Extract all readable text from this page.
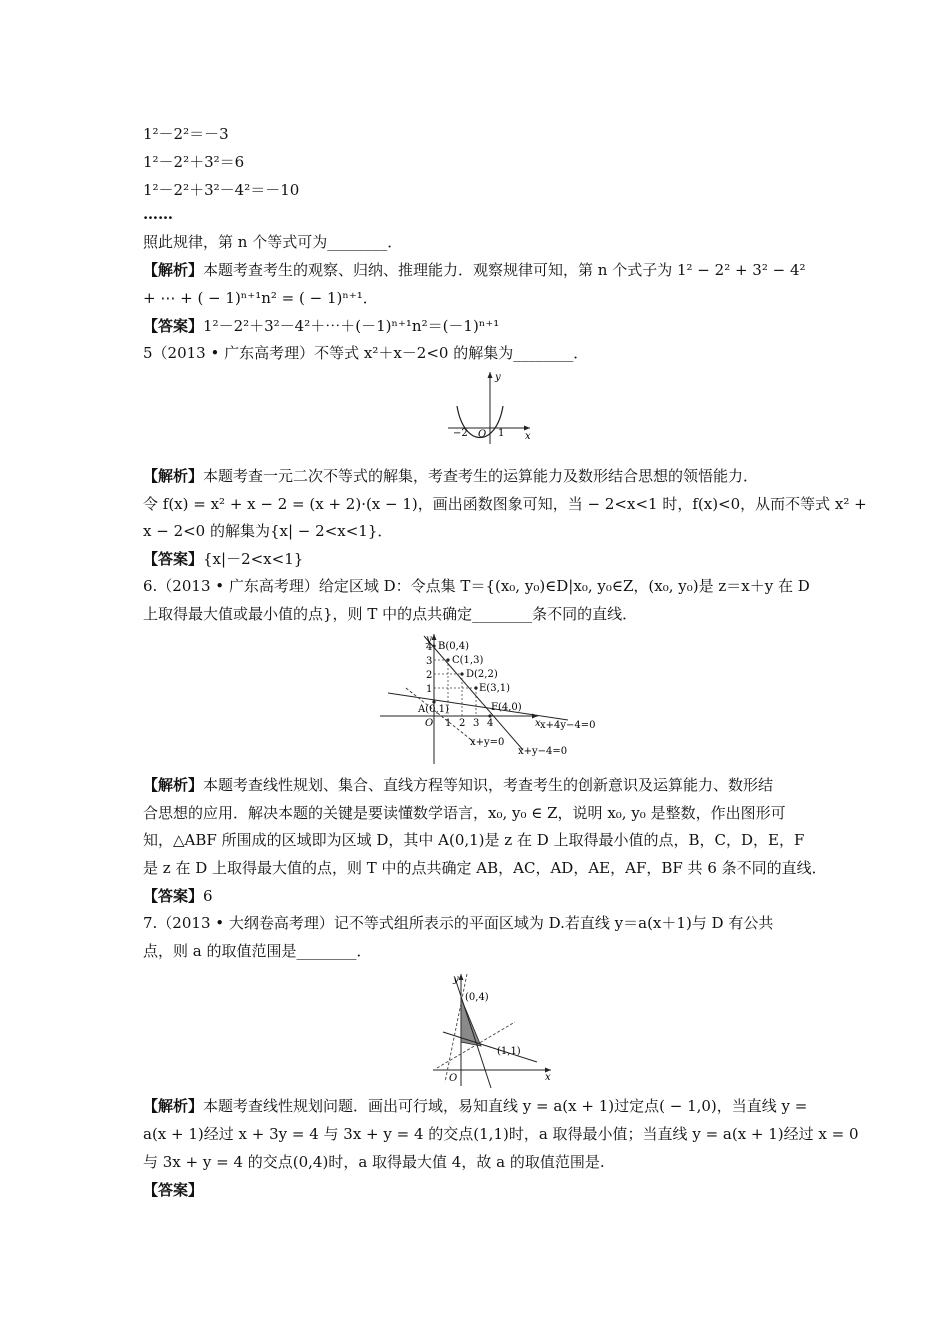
1²－2²＝－3
1²－2²＋3²＝6
1²－2²＋3²－4²＝－10
……
照此规律，第 n 个等式可为________．
【解析】本题考查考生的观察、归纳、推理能力．观察规律可知，第 n 个式子为 1² − 2² + 3² − 4²
+ ⋯ + ( − 1)ⁿ⁺¹n² = ( − 1)ⁿ⁺¹．
【答案】1²－2²＋3²－4²＋⋯＋(－1)ⁿ⁺¹n²＝(－1)ⁿ⁺¹
5（2013 • 广东高考理）不等式 x²＋x－2<0 的解集为________．
y
x
−2 O 1
【解析】本题考查一元二次不等式的解集，考查考生的运算能力及数形结合思想的领悟能力．
令 f(x) = x² + x − 2 = (x + 2)·(x − 1)，画出函数图象可知，当 − 2<x<1 时，f(x)<0，从而不等式 x² +
x − 2<0 的解集为{x| − 2<x<1}．
【答案】{x|－2<x<1}
6.（2013 • 广东高考理）给定区域 D：令点集 T＝{(x₀, y₀)∈D|x₀, y₀∈Z，(x₀, y₀)是 z＝x＋y 在 D
上取得最大值或最小值的点}，则 T 中的点共确定________条不同的直线．
y
x
O
B(0,4)
C(1,3)
D(2,2)
E(3,1)
F(4,0)
A(0,1)
4
3
2
1
1 2 3 4	x+4y−4=0
x+y=0
x+y−4=0
【解析】本题考查线性规划、集合、直线方程等知识，考查考生的创新意识及运算能力、数形结
合思想的应用．解决本题的关键是要读懂数学语言，x₀, y₀ ∈ Z，说明 x₀, y₀ 是整数，作出图形可
知，△ABF 所围成的区域即为区域 D，其中 A(0,1)是 z 在 D 上取得最小值的点，B，C，D，E，F
是 z 在 D 上取得最大值的点，则 T 中的点共确定 AB，AC，AD，AE，AF，BF 共 6 条不同的直线．
【答案】6
7.（2013 • 大纲卷高考理）记不等式组所表示的平面区域为 D.若直线 y＝a(x＋1)与 D 有公共
点，则 a 的取值范围是________．
y
x
O
(0,4)
(1,1)
【解析】本题考查线性规划问题．画出可行域，易知直线 y = a(x + 1)过定点( − 1,0)，当直线 y =
a(x + 1)经过 x + 3y = 4 与 3x + y = 4 的交点(1,1)时，a 取得最小值；当直线 y = a(x + 1)经过 x = 0
与 3x + y = 4 的交点(0,4)时，a 取得最大值 4，故 a 的取值范围是.
【答案】
